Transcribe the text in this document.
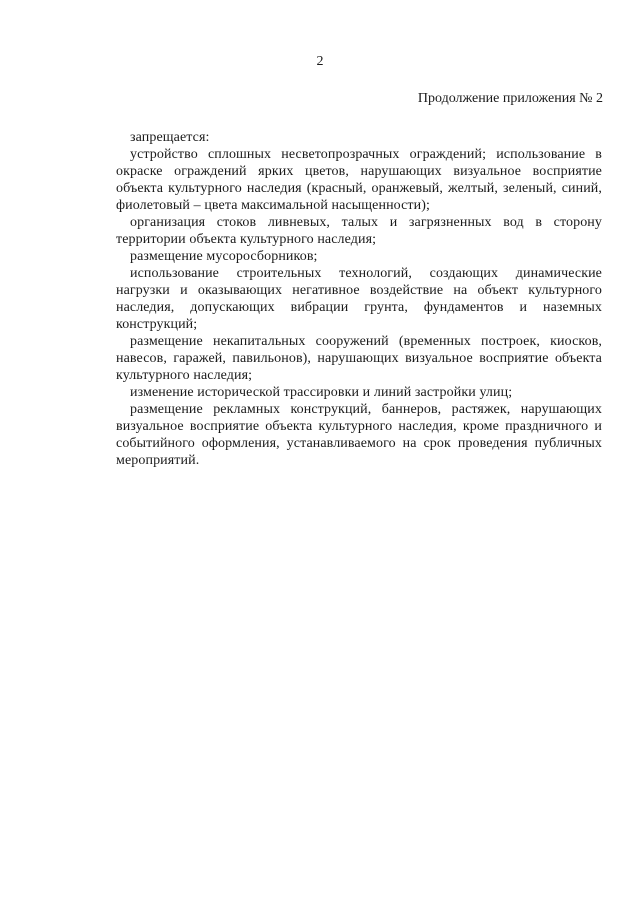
2
Продолжение приложения № 2

запрещается:

устройство сплошных несветопрозрачных ограждений; использование в окраске ограждений ярких цветов, нарушающих визуальное восприятие объекта культурного наследия (красный, оранжевый, желтый, зеленый, синий, фиолетовый – цвета максимальной насыщенности);

организация стоков ливневых, талых и загрязненных вод в сторону территории объекта культурного наследия;

размещение мусоросборников;

использование строительных технологий, создающих динамические нагрузки и оказывающих негативное воздействие на объект культурного наследия, допускающих вибрации грунта, фундаментов и наземных конструкций;

размещение некапитальных сооружений (временных построек, киосков, навесов, гаражей, павильонов), нарушающих визуальное восприятие объекта культурного наследия;

изменение исторической трассировки и линий застройки улиц;

размещение рекламных конструкций, баннеров, растяжек, нарушающих визуальное восприятие объекта культурного наследия, кроме праздничного и событийного оформления, устанавливаемого на срок проведения публичных мероприятий.
